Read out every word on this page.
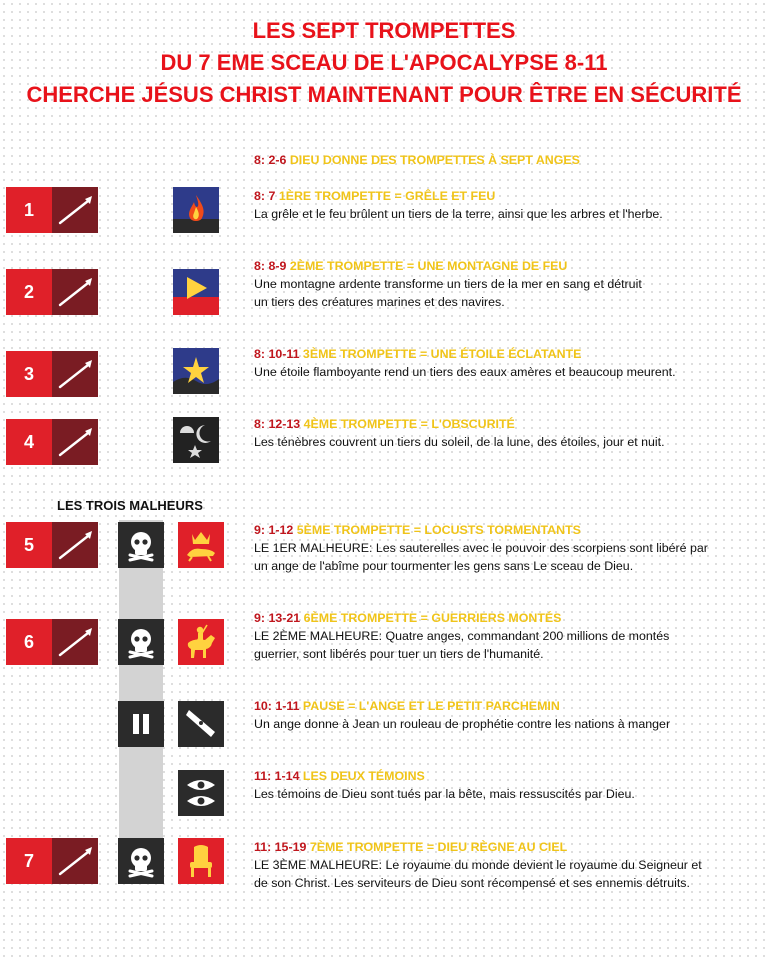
LES SEPT TROMPETTES
DU 7 EME SCEAU DE L'APOCALYPSE 8-11
CHERCHE JÉSUS CHRIST MAINTENANT POUR ÊTRE EN SÉCURITÉ
8: 2-6 DIEU DONNE DES TROMPETTES À SEPT ANGES
LES TROIS MALHEURS
1
8: 7 1ÈRE TROMPETTE = GRÊLE ET FEU
La grêle et le feu brûlent un tiers de la terre, ainsi que les arbres et l'herbe.
2
8: 8-9 2ÈME TROMPETTE = UNE MONTAGNE DE FEU
Une montagne ardente transforme un tiers de la mer en sang et détruit
un tiers des créatures marines et des navires.
3
8: 10-11 3ÈME TROMPETTE = UNE ÉTOILE ÉCLATANTE
Une étoile flamboyante rend un tiers des eaux amères et beaucoup meurent.
4
8: 12-13 4ÈME TROMPETTE = L'OBSCURITÉ
Les ténèbres couvrent un tiers du soleil, de la lune, des étoiles, jour et nuit.
5
9: 1-12 5ÈME TROMPETTE = LOCUSTS TORMENTANTS
LE 1ER MALHEURE: Les sauterelles avec le pouvoir des scorpiens sont libéré par
un ange de l'abîme pour tourmenter les gens sans Le sceau de Dieu.
6
9: 13-21 6ÈME TROMPETTE = GUERRIERS MONTÉS
LE 2ÈME MALHEURE: Quatre anges, commandant 200 millions de montés
guerrier, sont libérés pour tuer un tiers de l'humanité.
10: 1-11 PAUSE = L'ANGE ET LE PETIT PARCHEMIN
Un ange donne à Jean un rouleau de prophétie contre les nations à manger
11: 1-14 LES DEUX TÉMOINS
Les témoins de Dieu sont tués par la bête, mais ressuscités par Dieu.
7
11: 15-19 7ÈME TROMPETTE = DIEU RÈGNE AU CIEL
LE 3ÈME MALHEURE: Le royaume du monde devient le royaume du Seigneur et
de son Christ. Les serviteurs de Dieu sont récompensé et ses ennemis détruits.
